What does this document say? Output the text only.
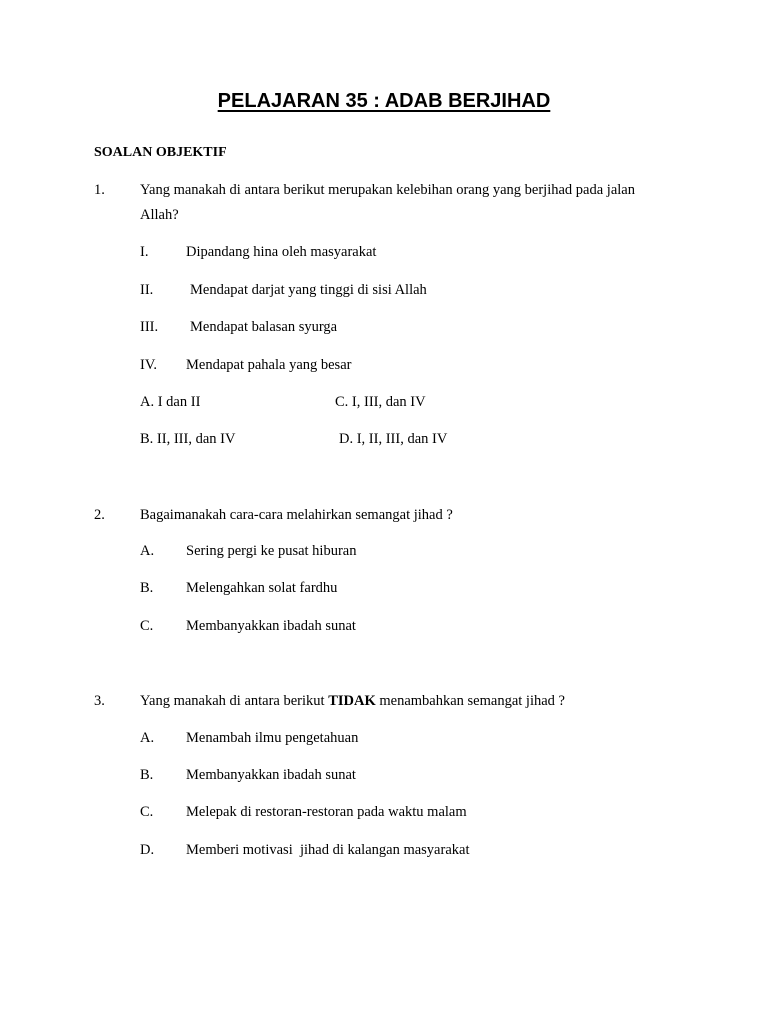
PELAJARAN 35 : ADAB BERJIHAD
SOALAN OBJEKTIF
1. Yang manakah di antara berikut merupakan kelebihan orang yang berjihad pada jalan
Allah?
I.	Dipandang hina oleh masyarakat
II.	Mendapat darjat yang tinggi di sisi Allah
III. Mendapat balasan syurga
IV. Mendapat pahala yang besar
A. I dan II	C. I, III, dan IV
B. II, III, dan IV	D. I, II, III, dan IV
2. Bagaimanakah cara-cara melahirkan semangat jihad ?
A. Sering pergi ke pusat hiburan
B. Melengahkan solat fardhu
C. Membanyakkan ibadah sunat
3. Yang manakah di antara berikut TIDAK menambahkan semangat jihad ?
A. Menambah ilmu pengetahuan
B. Membanyakkan ibadah sunat
C. Melepak di restoran-restoran pada waktu malam
D. Memberi motivasi  jihad di kalangan masyarakat
